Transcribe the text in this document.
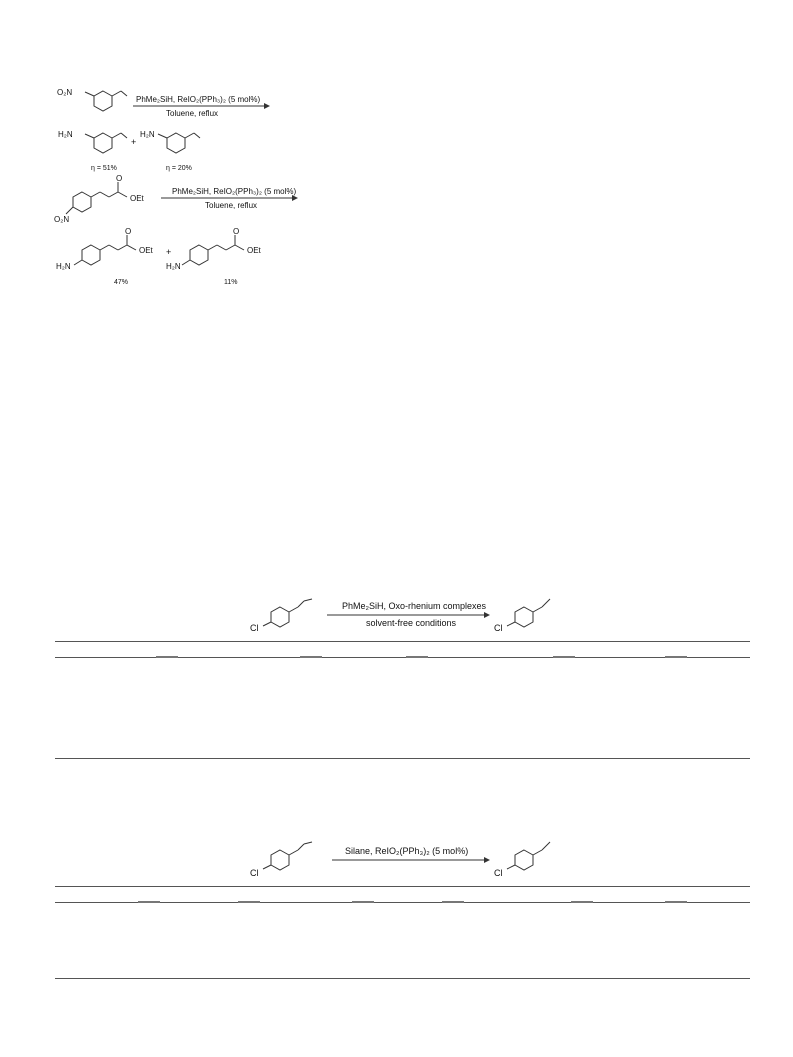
O₂N
PhMe₂SiH, ReIO₂(PPh₃)₂ (5 mol%)
Toluene, reflux
H₂N
+
H₂N
η = 51%	η = 20%
O
OEt
O₂N
PhMe₂SiH, ReIO₂(PPh₃)₂ (5 mol%)
Toluene, reflux
O
OEt
H₂N
+
O
OEt
H₂N
47%	11%
Cl
PhMe₂SiH, Oxo-rhenium complexes
solvent-free conditions	Cl
Cl
Silane, ReIO₂(PPh₃)₂ (5 mol%)
Cl
